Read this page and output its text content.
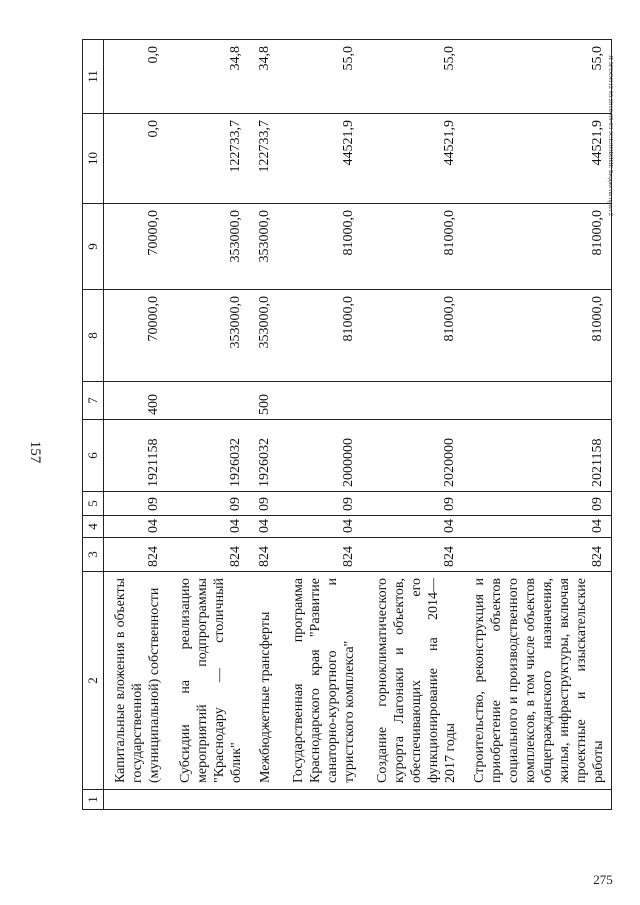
157
JI 3ГООО12 95 2016-09-03 ЗСЕЛОБНИЕ Бюджеты прил 2
275
1	2	3	4	5	6	7	8	9	10	11
	Капитальные вложения в объекты государственной (муниципальной) собственности	824	04	09	1921158	400	70000,0	70000,0	0,0	0,0
	Субсидии на реализацию мероприятий подпрограммы "Краснодару — столичный облик"	824	04	09	1926032		353000,0	353000,0	122733,7	34,8
	Межбюджетные трансферты	824	04	09	1926032	500	353000,0	353000,0	122733,7	34,8
	Государственная программа Краснодарского края "Развитие санаторно-курортного и туристского комплекса"	824	04	09	2000000		81000,0	81000,0	44521,9	55,0
	Создание горноклиматического курорта Лагонаки и объектов, обеспечивающих его функционирование на 2014—2017 годы	824	04	09	2020000		81000,0	81000,0	44521,9	55,0
	Строительство, реконструкция и приобретение объектов социального и производственного комплексов, в том числе объектов общегражданского назначения, жилья, инфраструктуры, включая проектные и изыскательские работы	824	04	09	2021158		81000,0	81000,0	44521,9	55,0
